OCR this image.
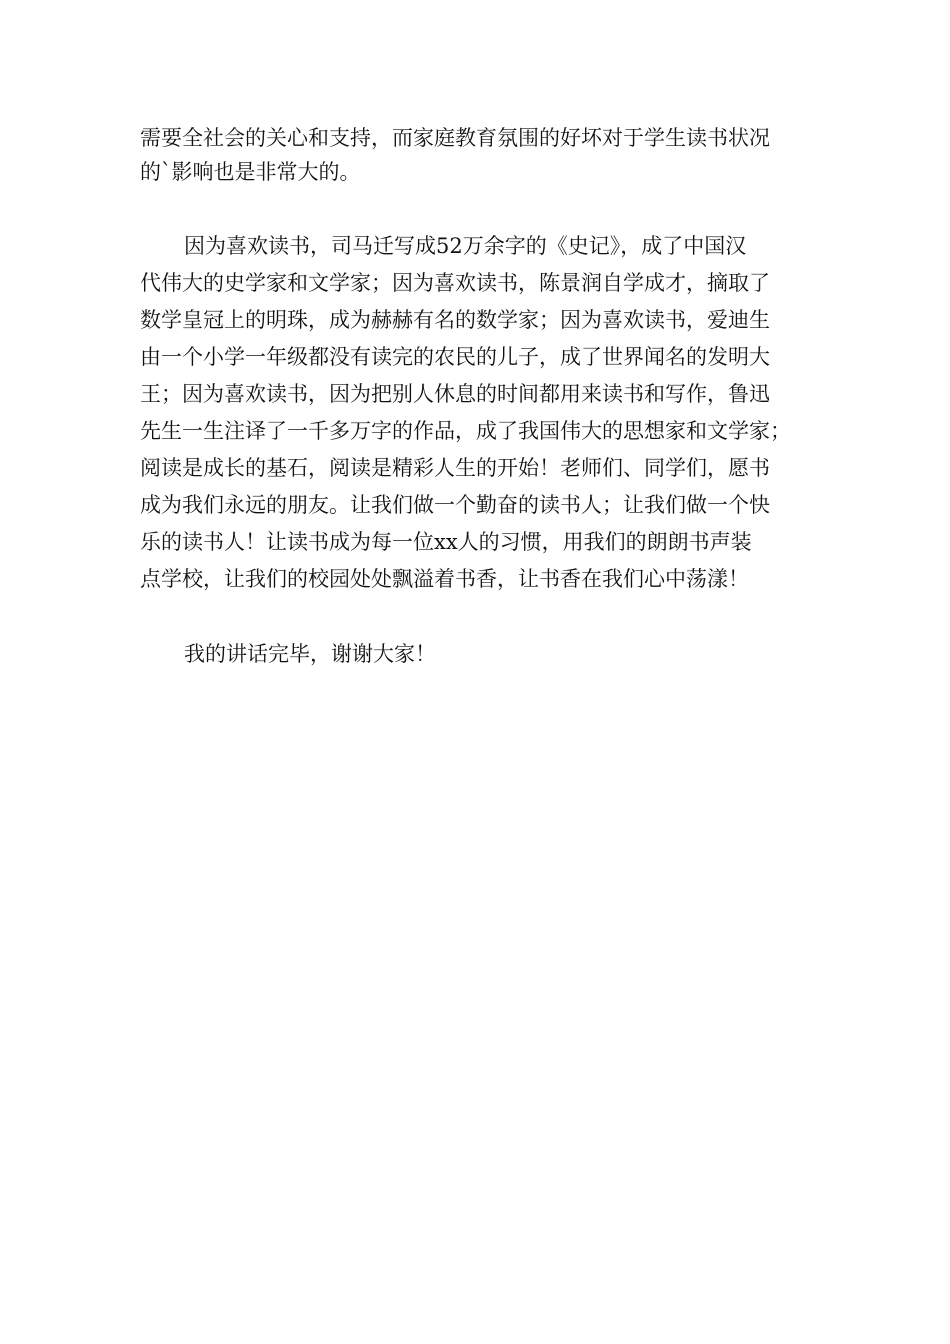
需要全社会的关心和支持，而家庭教育氛围的好坏对于学生读书状况
的`影响也是非常大的。
因为喜欢读书，司马迁写成52万余字的《史记》，成了中国汉
代伟大的史学家和文学家；因为喜欢读书，陈景润自学成才，摘取了
数学皇冠上的明珠，成为赫赫有名的数学家；因为喜欢读书，爱迪生
由一个小学一年级都没有读完的农民的儿子，成了世界闻名的发明大
王；因为喜欢读书，因为把别人休息的时间都用来读书和写作，鲁迅
先生一生注译了一千多万字的作品，成了我国伟大的思想家和文学家；
阅读是成长的基石，阅读是精彩人生的开始！老师们、同学们，愿书
成为我们永远的朋友。让我们做一个勤奋的读书人；让我们做一个快
乐的读书人！让读书成为每一位xx人的习惯，用我们的朗朗书声装
点学校，让我们的校园处处飘溢着书香，让书香在我们心中荡漾！
我的讲话完毕，谢谢大家！
